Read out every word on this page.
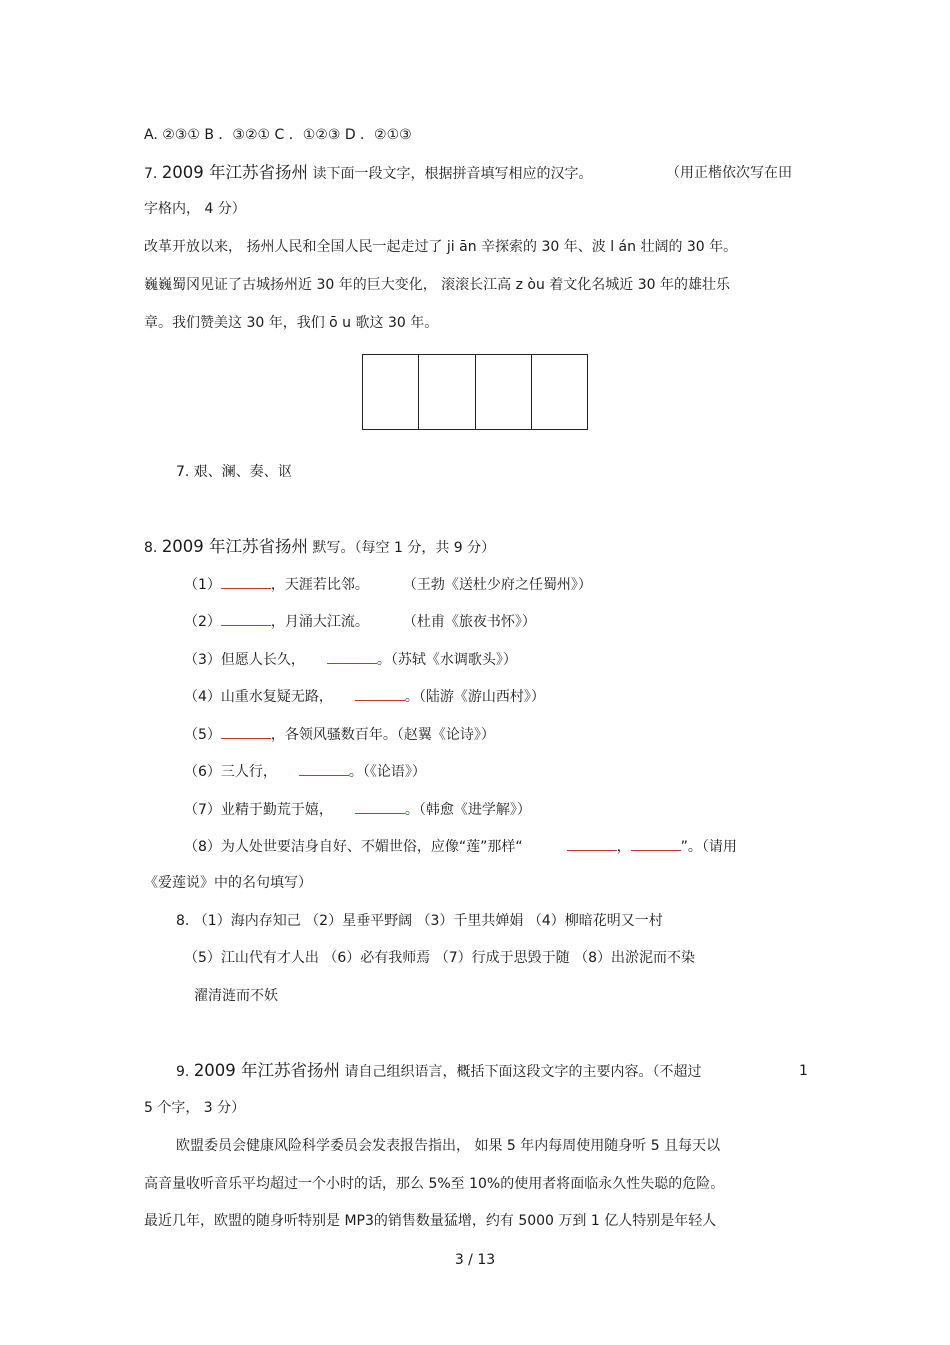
A. ②③① B ．③②① C ．①②③ D ．②①③
7. 2009 年江苏省扬州 读下面一段文字，根据拼音填写相应的汉字。	（用正楷依次写在田
字格内， 4 分）
改革开放以来， 扬州人民和全国人民一起走过了 ji ān 辛探索的 30 年、波 l án 壮阔的 30 年。
巍巍蜀冈见证了古城扬州近 30 年的巨大变化， 滚滚长江高 z òu 着文化名城近 30 年的雄壮乐
章。我们赞美这 30 年，我们 ō u 歌这 30 年。
7. 艰、澜、奏、讴
8. 2009 年江苏省扬州 默写。（每空 1 分，共 9 分）
（1）	，天涯若比邻。 （王勃《送杜少府之任蜀州》）
（2）	，月涌大江流。 （杜甫《旅夜书怀》）
（3）但愿人长久，	。（苏轼《水调歌头》）
（4）山重水复疑无路，	。（陆游《游山西村》）
（5）	，各领风骚数百年。（赵翼《论诗》）
（6）三人行，	。（《论语》）
（7）业精于勤荒于嬉，	。（韩愈《进学解》）
（8）为人处世要洁身自好、不媚世俗，应像“莲”那样“	，	”。（请用
《爱莲说》中的名句填写）
8. （1）海内存知己 （2）星垂平野阔 （3）千里共婵娟 （4）柳暗花明又一村
（5）江山代有才人出 （6）必有我师焉 （7）行成于思毁于随 （8）出淤泥而不染
濯清涟而不妖
9. 2009 年江苏省扬州 请自己组织语言，概括下面这段文字的主要内容。（不超过	1
5 个字， 3 分）
欧盟委员会健康风险科学委员会发表报告指出， 如果 5 年内每周使用随身听 5 且每天以
高音量收听音乐平均超过一个小时的话，那么 5%至 10%的使用者将面临永久性失聪的危险。
最近几年，欧盟的随身听特别是 MP3的销售数量猛增，约有 5000 万到 1 亿人特别是年轻人
3 / 13
